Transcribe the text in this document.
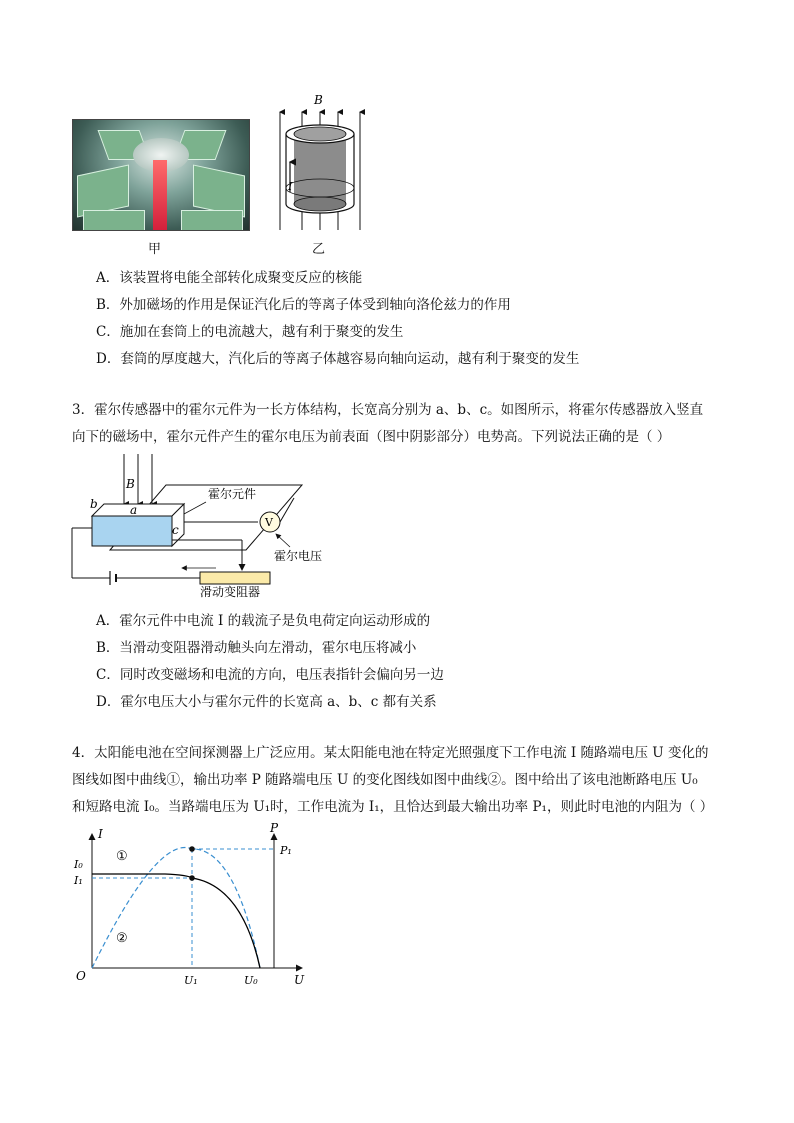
甲
B
I
乙
A．该装置将电能全部转化成聚变反应的核能
B．外加磁场的作用是保证汽化后的等离子体受到轴向洛伦兹力的作用
C．施加在套筒上的电流越大，越有利于聚变的发生
D．套筒的厚度越大，汽化后的等离子体越容易向轴向运动，越有利于聚变的发生
3．霍尔传感器中的霍尔元件为一长方体结构，长宽高分别为 a、b、c。如图所示，将霍尔传感器放入竖直
向下的磁场中，霍尔元件产生的霍尔电压为前表面（图中阴影部分）电势高。下列说法正确的是（ ）
B
b	a
c
霍尔元件
V
霍尔电压
滑动变阻器
A．霍尔元件中电流 I 的载流子是负电荷定向运动形成的
B．当滑动变阻器滑动触头向左滑动，霍尔电压将减小
C．同时改变磁场和电流的方向，电压表指针会偏向另一边
D．霍尔电压大小与霍尔元件的长宽高 a、b、c 都有关系
4．太阳能电池在空间探测器上广泛应用。某太阳能电池在特定光照强度下工作电流 I 随路端电压 U 变化的
图线如图中曲线①，输出功率 P 随路端电压 U 的变化图线如图中曲线②。图中给出了该电池断路电压 U₀
和短路电流 I₀。当路端电压为 U₁时，工作电流为 I₁，且恰达到最大输出功率 P₁，则此时电池的内阻为（ ）
I	P
U
O
I₀
I₁
P₁
U₁	U₀
①
②
